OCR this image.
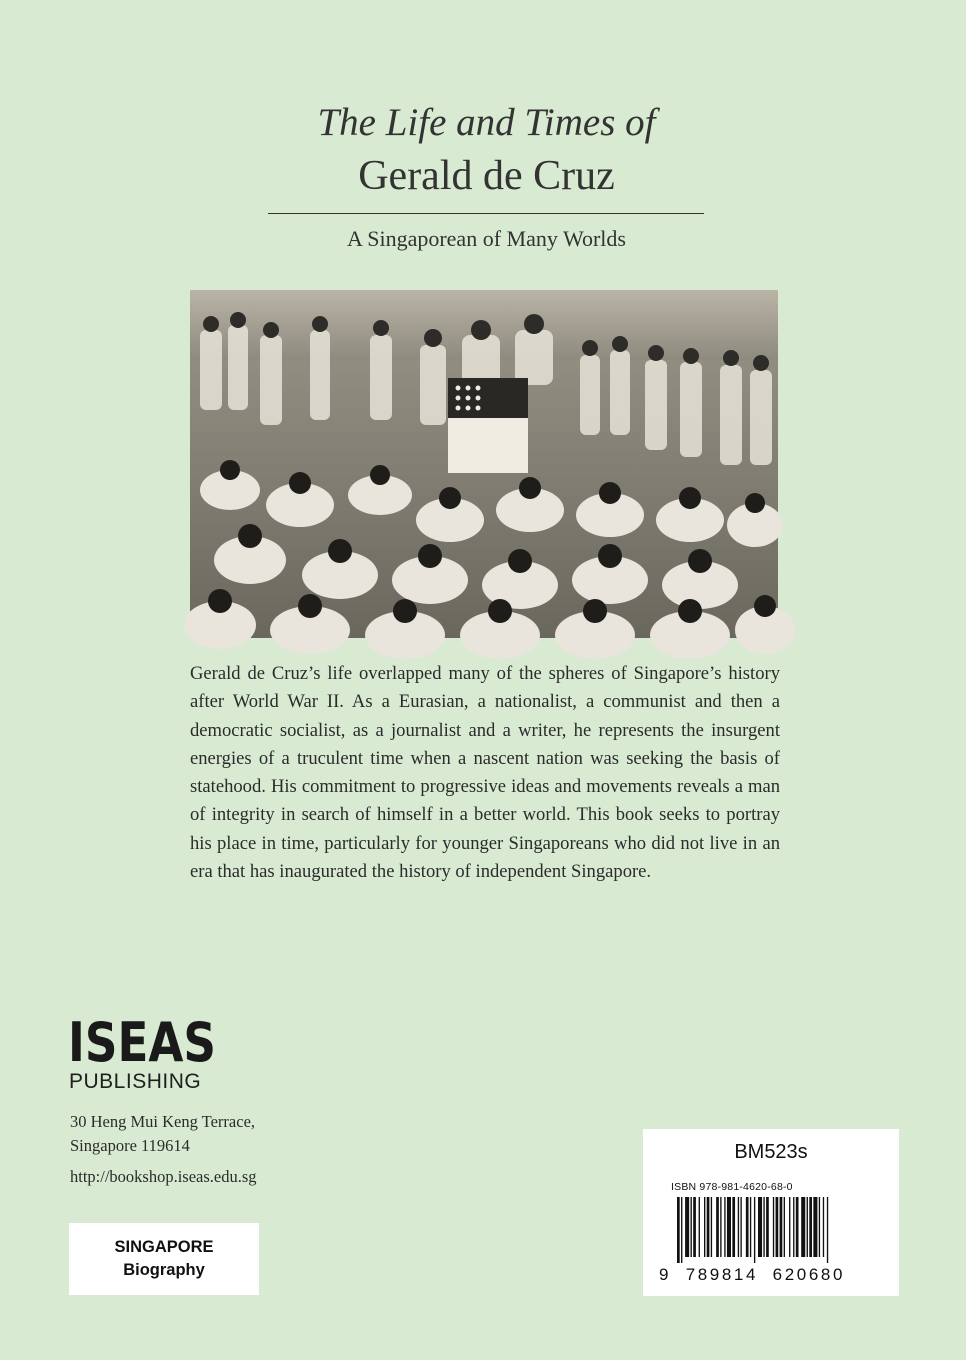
The Life and Times of
Gerald de Cruz
A Singaporean of Many Worlds

Gerald de Cruz’s life overlapped many of the spheres of Singapore’s history after World War II. As a Eurasian, a nationalist, a communist and then a democratic socialist, as a journalist and a writer, he represents the insurgent energies of a truculent time when a nascent nation was seeking the basis of statehood. His commitment to progressive ideas and movements reveals a man of integrity in search of himself in a better world. This book seeks to portray his place in time, particularly for younger Singaporeans who did not live in an era that has inaugurated the history of independent Singapore.

ISEAS
PUBLISHING
30 Heng Mui Keng Terrace,
Singapore 119614
http://bookshop.iseas.edu.sg
SINGAPORE
Biography
BM523s
ISBN 978-981-4620-68-0
9  789814  620680
